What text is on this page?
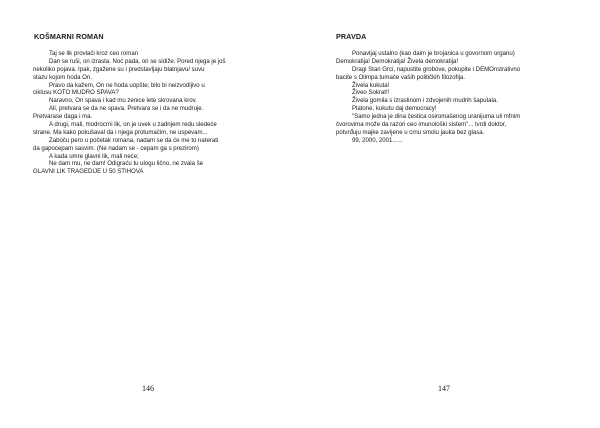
KOŠMARNI ROMAN
Taj se lik provlači kroz ceo roman
Dan se ruši, on izrasta. Noć pada, on se sidiže. Pored njega je još
nekoliko pojava. Ipak, zgažene su i predstavljaju blatnjavu/ suvu
stazu kojom hoda On.
Pravo da kažem, On ne hoda uopšte; bilo bi neizvodljivo u
ciklusu KOTO MUDRO SPAVA?
Naravno, On spava i kad mu zenice lete skrovana krov.
Ali, pretvara se da ne spava. Pretvara se i da ne mudruje.
Pretvarase daga i ma.
A drugi, mali, modrocrni lik, on je uvek u zadnjem redu sledeće
strane. Ma kako pokušaval da i njega protumačim, ne uspevam...
Zaboču pero u početak romana, nadam se da će me to naterati
da gapocepam sasvim. (Ne nadam se - cepam ga s prezirom)
A kada umre glavni lik, mali neće;
Ne dam mu, ne dam! Odigraću tu ulogu lično, ne zvala še
GLAVNI LIK TRAGEDIJE U 50 STIHOVA
146
PRAVDA
Ponavljaj ustalno (kao daim je brojanica u govornom organu)
Demokratija! Demokratija! Živela demokratija!
Dragi Stari Grci, napustite grobove, pokupite i DEMOnstrativno
bacite s Olimpa tumače vaših političkih filozofija.
Živela kukuta!
Živeo Sokrat!!
Živela gomila s izraslinom i zdvojenih mudrih šaputala.
Platone, kukutu daj democracy!
"Samo jedna je dina čestica osiromašenog uranijuma uli mfnim
čvorovima može da razori ceo imunološki sistem"... tvrdi doktor,
potvrđuju majke zavijene u crnu smolu jauka bez glasa.
99, 2000, 2001......
147
